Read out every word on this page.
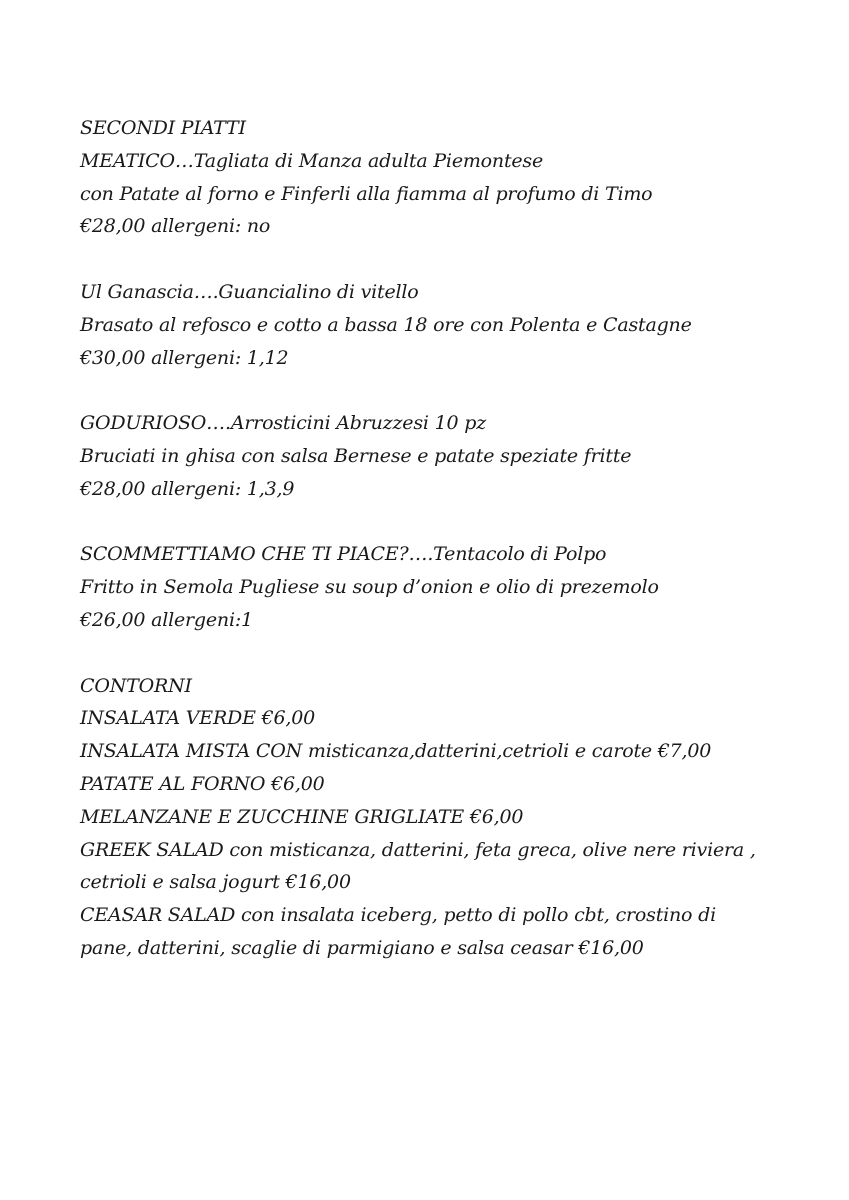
SECONDI PIATTI
MEATICO…Tagliata di Manza adulta Piemontese
con Patate al forno e Finferli alla fiamma al profumo di Timo
€28,00 allergeni: no
Ul Ganascia….Guancialino di vitello
Brasato al refosco e cotto a bassa 18 ore con Polenta e Castagne
€30,00 allergeni: 1,12
GODURIOSO….Arrosticini Abruzzesi 10 pz
Bruciati in ghisa con salsa Bernese e patate speziate fritte
€28,00 allergeni: 1,3,9
SCOMMETTIAMO CHE TI PIACE?….Tentacolo di Polpo
Fritto in Semola Pugliese su soup d’onion e olio di prezemolo
€26,00 allergeni:1
CONTORNI
INSALATA VERDE €6,00
INSALATA MISTA CON misticanza,datterini,cetrioli e carote €7,00
PATATE AL FORNO €6,00
MELANZANE E ZUCCHINE GRIGLIATE €6,00
GREEK SALAD con misticanza, datterini, feta greca, olive nere riviera ,
cetrioli e salsa jogurt €16,00
CEASAR SALAD con insalata iceberg, petto di pollo cbt, crostino di
pane, datterini, scaglie di parmigiano e salsa ceasar €16,00
